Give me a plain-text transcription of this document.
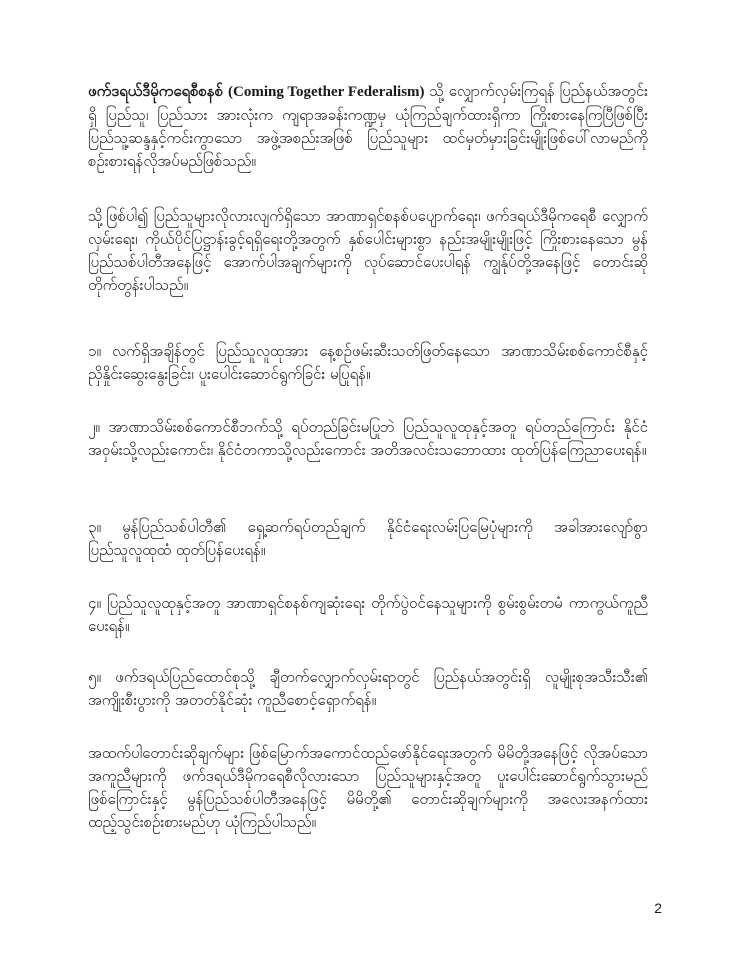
ဖက်ဒရယ်ဒီမိုကရေစီစနစ် (Coming Together Federalism) သို့ လျှောက်လှမ်းကြရန် ပြည်နယ်အတွင်းရှိ ပြည်သူ၊ ပြည်သား အားလုံးက ကျရာအခန်းကဏ္ဍမှ ယုံကြည်ချက်ထားရှိကာ ကြိုးစားနေကြပြီဖြစ်ပြီး ပြည်သူ့ဆန္ဒနှင့်ကင်းကွာသော အဖွဲ့အစည်းအဖြစ် ပြည်သူများ ထင်မှတ်မှားခြင်းမျိုးဖြစ်ပေါ်လာမည်ကို စဉ်းစားရန်လိုအပ်မည်ဖြစ်သည်။

သို့ဖြစ်ပါ၍ ပြည်သူများလိုလားလျက်ရှိသော အာဏာရှင်စနစ်ပပျောက်ရေး၊ ဖက်ဒရယ်ဒီမိုကရေစီ လျှောက်လှမ်းရေး၊ ကိုယ်ပိုင်ပြဋ္ဌာန်းခွင့်ရရှိရေးတို့အတွက် နှစ်ပေါင်းများစွာ နည်းအမျိုးမျိုးဖြင့် ကြိုးစားနေသော မွန်ပြည်သစ်ပါတီအနေဖြင့် အောက်ပါအချက်များကို လုပ်ဆောင်ပေးပါရန် ကျွန်ုပ်တို့အနေဖြင့် တောင်းဆိုတိုက်တွန်းပါသည်။

၁။ လက်ရှိအချိန်တွင် ပြည်သူလူထုအား နေ့စဉ်ဖမ်းဆီးသတ်ဖြတ်နေသော အာဏာသိမ်းစစ်ကောင်စီနှင့် ညှိနှိုင်းဆွေးနွေးခြင်း၊ ပူးပေါင်းဆောင်ရွက်ခြင်း မပြုရန်။

၂။ အာဏာသိမ်းစစ်ကောင်စီဘက်သို့ ရပ်တည်ခြင်းမပြုဘဲ ပြည်သူလူထုနှင့်အတူ ရပ်တည်ကြောင်း နိုင်ငံအဝှမ်းသို့လည်းကောင်း၊ နိုင်ငံတကာသို့လည်းကောင်း အတိအလင်းသဘောထား ထုတ်ပြန်ကြေညာပေးရန်။

၃။ မွန်ပြည်သစ်ပါတီ၏ ရှေ့ဆက်ရပ်တည်ချက် နိုင်ငံရေးလမ်းပြမြေပုံများကို အခါအားလျော်စွာ ပြည်သူလူထုထံ ထုတ်ပြန်ပေးရန်။

၄။ ပြည်သူလူထုနှင့်အတူ အာဏာရှင်စနစ်ကျဆုံးရေး တိုက်ပွဲဝင်နေသူများကို စွမ်းစွမ်းတမံ ကာကွယ်ကူညီပေးရန်။

၅။ ဖက်ဒရယ်ပြည်ထောင်စုသို့ ချီတက်လျှောက်လှမ်းရာတွင် ပြည်နယ်အတွင်းရှိ လူမျိုးစုအသီးသီး၏ အကျိုးစီးပွားကို အတတ်နိုင်ဆုံး ကူညီစောင့်ရှောက်ရန်။

အထက်ပါတောင်းဆိုချက်များ ဖြစ်မြောက်အကောင်ထည်ဖော်နိုင်ရေးအတွက် မိမိတို့အနေဖြင့် လိုအပ်သောအကူညီများကို ဖက်ဒရယ်ဒီမိုကရေစီလိုလားသော ပြည်သူများနှင့်အတူ ပူးပေါင်းဆောင်ရွက်သွားမည်ဖြစ်ကြောင်းနှင့် မွန်ပြည်သစ်ပါတီအနေဖြင့် မိမိတို့၏ တောင်းဆိုချက်များကို အလေးအနက်ထား ထည့်သွင်းစဉ်းစားမည်ဟု ယုံကြည်ပါသည်။

2
